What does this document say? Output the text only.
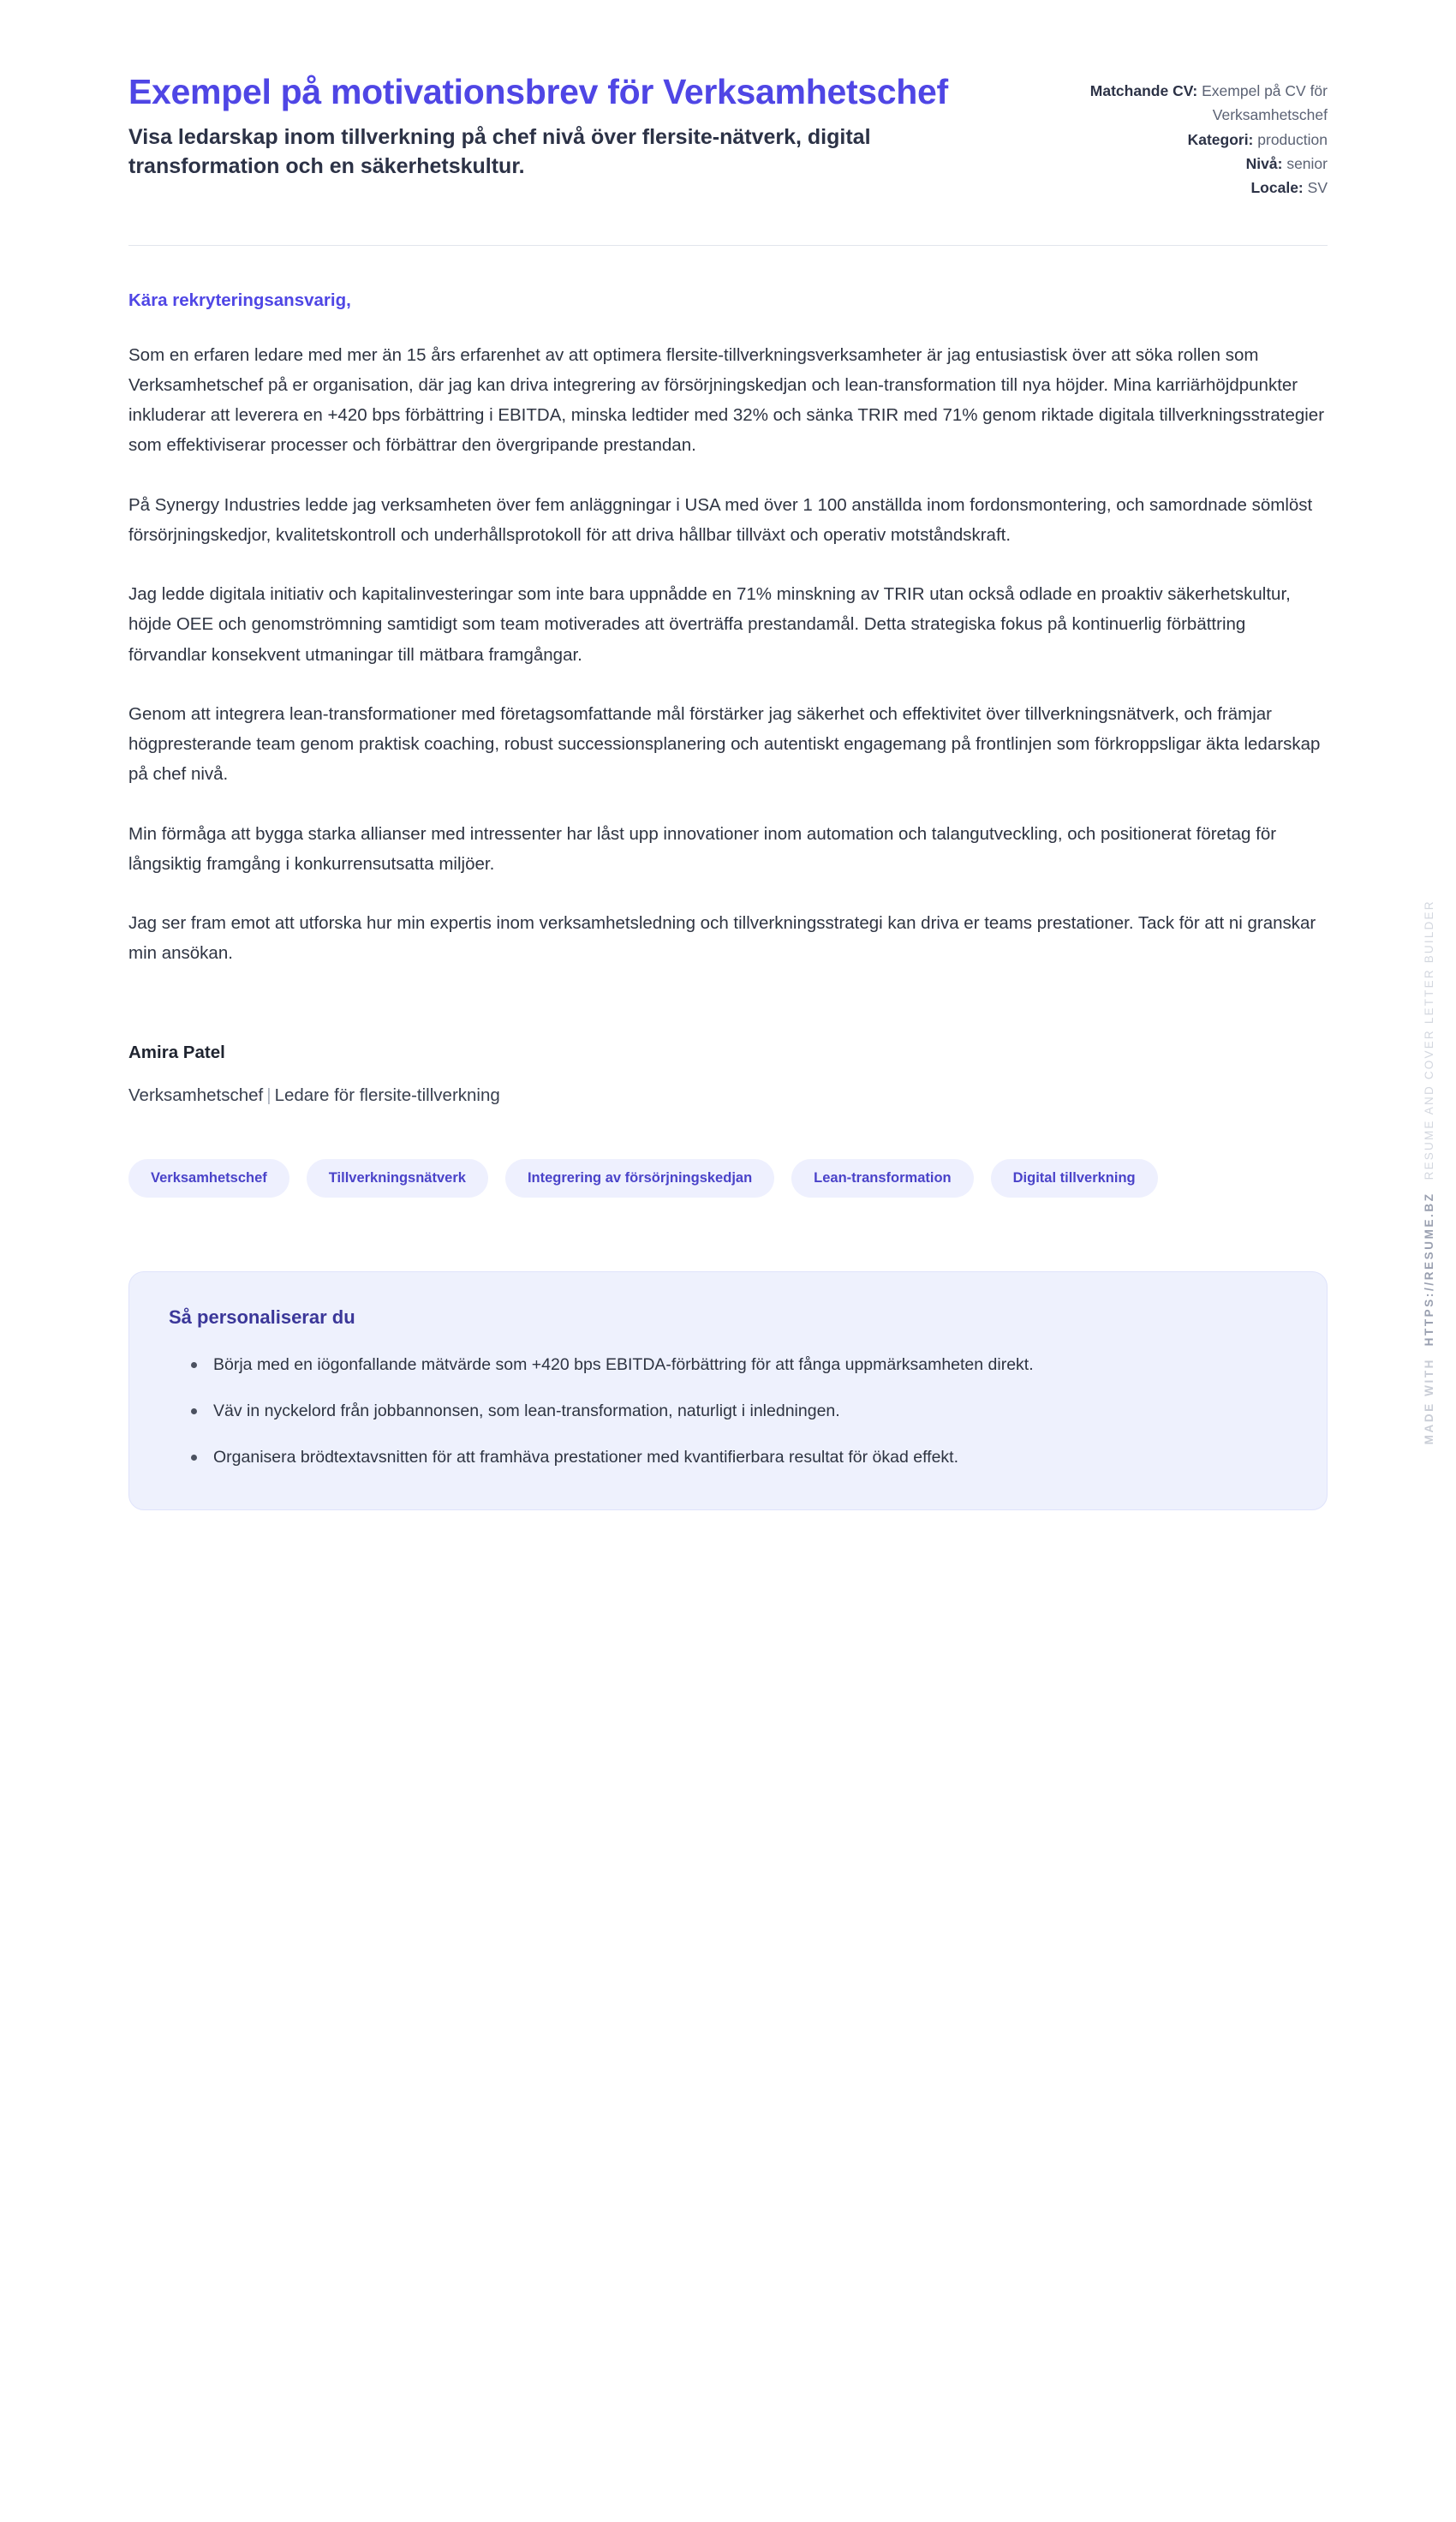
Exempel på motivationsbrev för Verksamhetschef

Visa ledarskap inom tillverkning på chef nivå över flersite-nätverk, digital transformation och en säkerhetskultur.

Matchande CV: Exempel på CV för Verksamhetschef
Kategori: production
Nivå: senior
Locale: SV

Kära rekryteringsansvarig,

Som en erfaren ledare med mer än 15 års erfarenhet av att optimera flersite-tillverkningsverksamheter är jag entusiastisk över att söka rollen som Verksamhetschef på er organisation, där jag kan driva integrering av försörjningskedjan och lean-transformation till nya höjder. Mina karriärhöjdpunkter inkluderar att leverera en +420 bps förbättring i EBITDA, minska ledtider med 32% och sänka TRIR med 71% genom riktade digitala tillverkningsstrategier som effektiviserar processer och förbättrar den övergripande prestandan.

På Synergy Industries ledde jag verksamheten över fem anläggningar i USA med över 1 100 anställda inom fordonsmontering, och samordnade sömlöst försörjningskedjor, kvalitetskontroll och underhållsprotokoll för att driva hållbar tillväxt och operativ motståndskraft.

Jag ledde digitala initiativ och kapitalinvesteringar som inte bara uppnådde en 71% minskning av TRIR utan också odlade en proaktiv säkerhetskultur, höjde OEE och genomströmning samtidigt som team motiverades att överträffa prestandamål. Detta strategiska fokus på kontinuerlig förbättring förvandlar konsekvent utmaningar till mätbara framgångar.

Genom att integrera lean-transformationer med företagsomfattande mål förstärker jag säkerhet och effektivitet över tillverkningsnätverk, och främjar högpresterande team genom praktisk coaching, robust successionsplanering och autentiskt engagemang på frontlinjen som förkroppsligar äkta ledarskap på chef nivå.

Min förmåga att bygga starka allianser med intressenter har låst upp innovationer inom automation och talangutveckling, och positionerat företag för långsiktig framgång i konkurrensutsatta miljöer.

Jag ser fram emot att utforska hur min expertis inom verksamhetsledning och tillverkningsstrategi kan driva er teams prestationer. Tack för att ni granskar min ansökan.

Amira Patel

Verksamhetschef | Ledare för flersite-tillverkning

Verksamhetschef	Tillverkningsnätverk	Integrering av försörjningskedjan	Lean-transformation	Digital tillverkning
Så personaliserar du
Börja med en iögonfallande mätvärde som +420 bps EBITDA-förbättring för att fånga uppmärksamheten direkt.
Väv in nyckelord från jobbannonsen, som lean-transformation, naturligt i inledningen.
Organisera brödtextavsnitten för att framhäva prestationer med kvantifierbara resultat för ökad effekt.
MADE WITH
HTTPS://RESUME.BZ
RESUME AND COVER LETTER BUILDER
